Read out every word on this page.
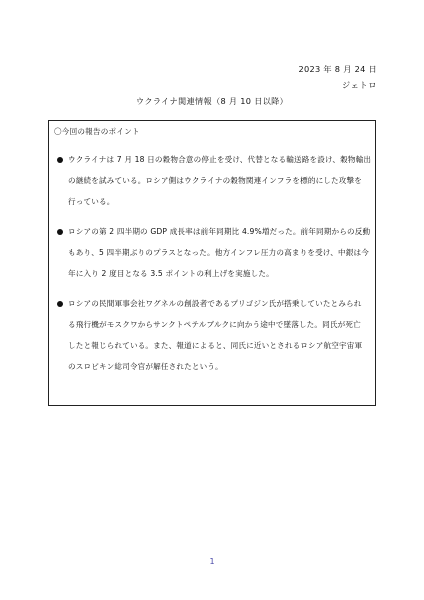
2023 年 8 月 24 日
ジェトロ
ウクライナ関連情報（8 月 10 日以降）
〇今回の報告のポイント
ウクライナは 7 月 18 日の穀物合意の停止を受け、代替となる輸送路を設け、穀物輸出
の継続を試みている。ロシア側はウクライナの穀物関連インフラを標的にした攻撃を
行っている。
ロシアの第 2 四半期の GDP 成長率は前年同期比 4.9%増だった。前年同期からの反動
もあり、5 四半期ぶりのプラスとなった。他方インフレ圧力の高まりを受け、中銀は今
年に入り 2 度目となる 3.5 ポイントの利上げを実施した。
ロシアの民間軍事会社ワグネルの創設者であるプリゴジン氏が搭乗していたとみられ
る飛行機がモスクワからサンクトペテルブルクに向かう途中で墜落した。同氏が死亡
したと報じられている。また、報道によると、同氏に近いとされるロシア航空宇宙軍
のスロビキン総司令官が解任されたという。
1
